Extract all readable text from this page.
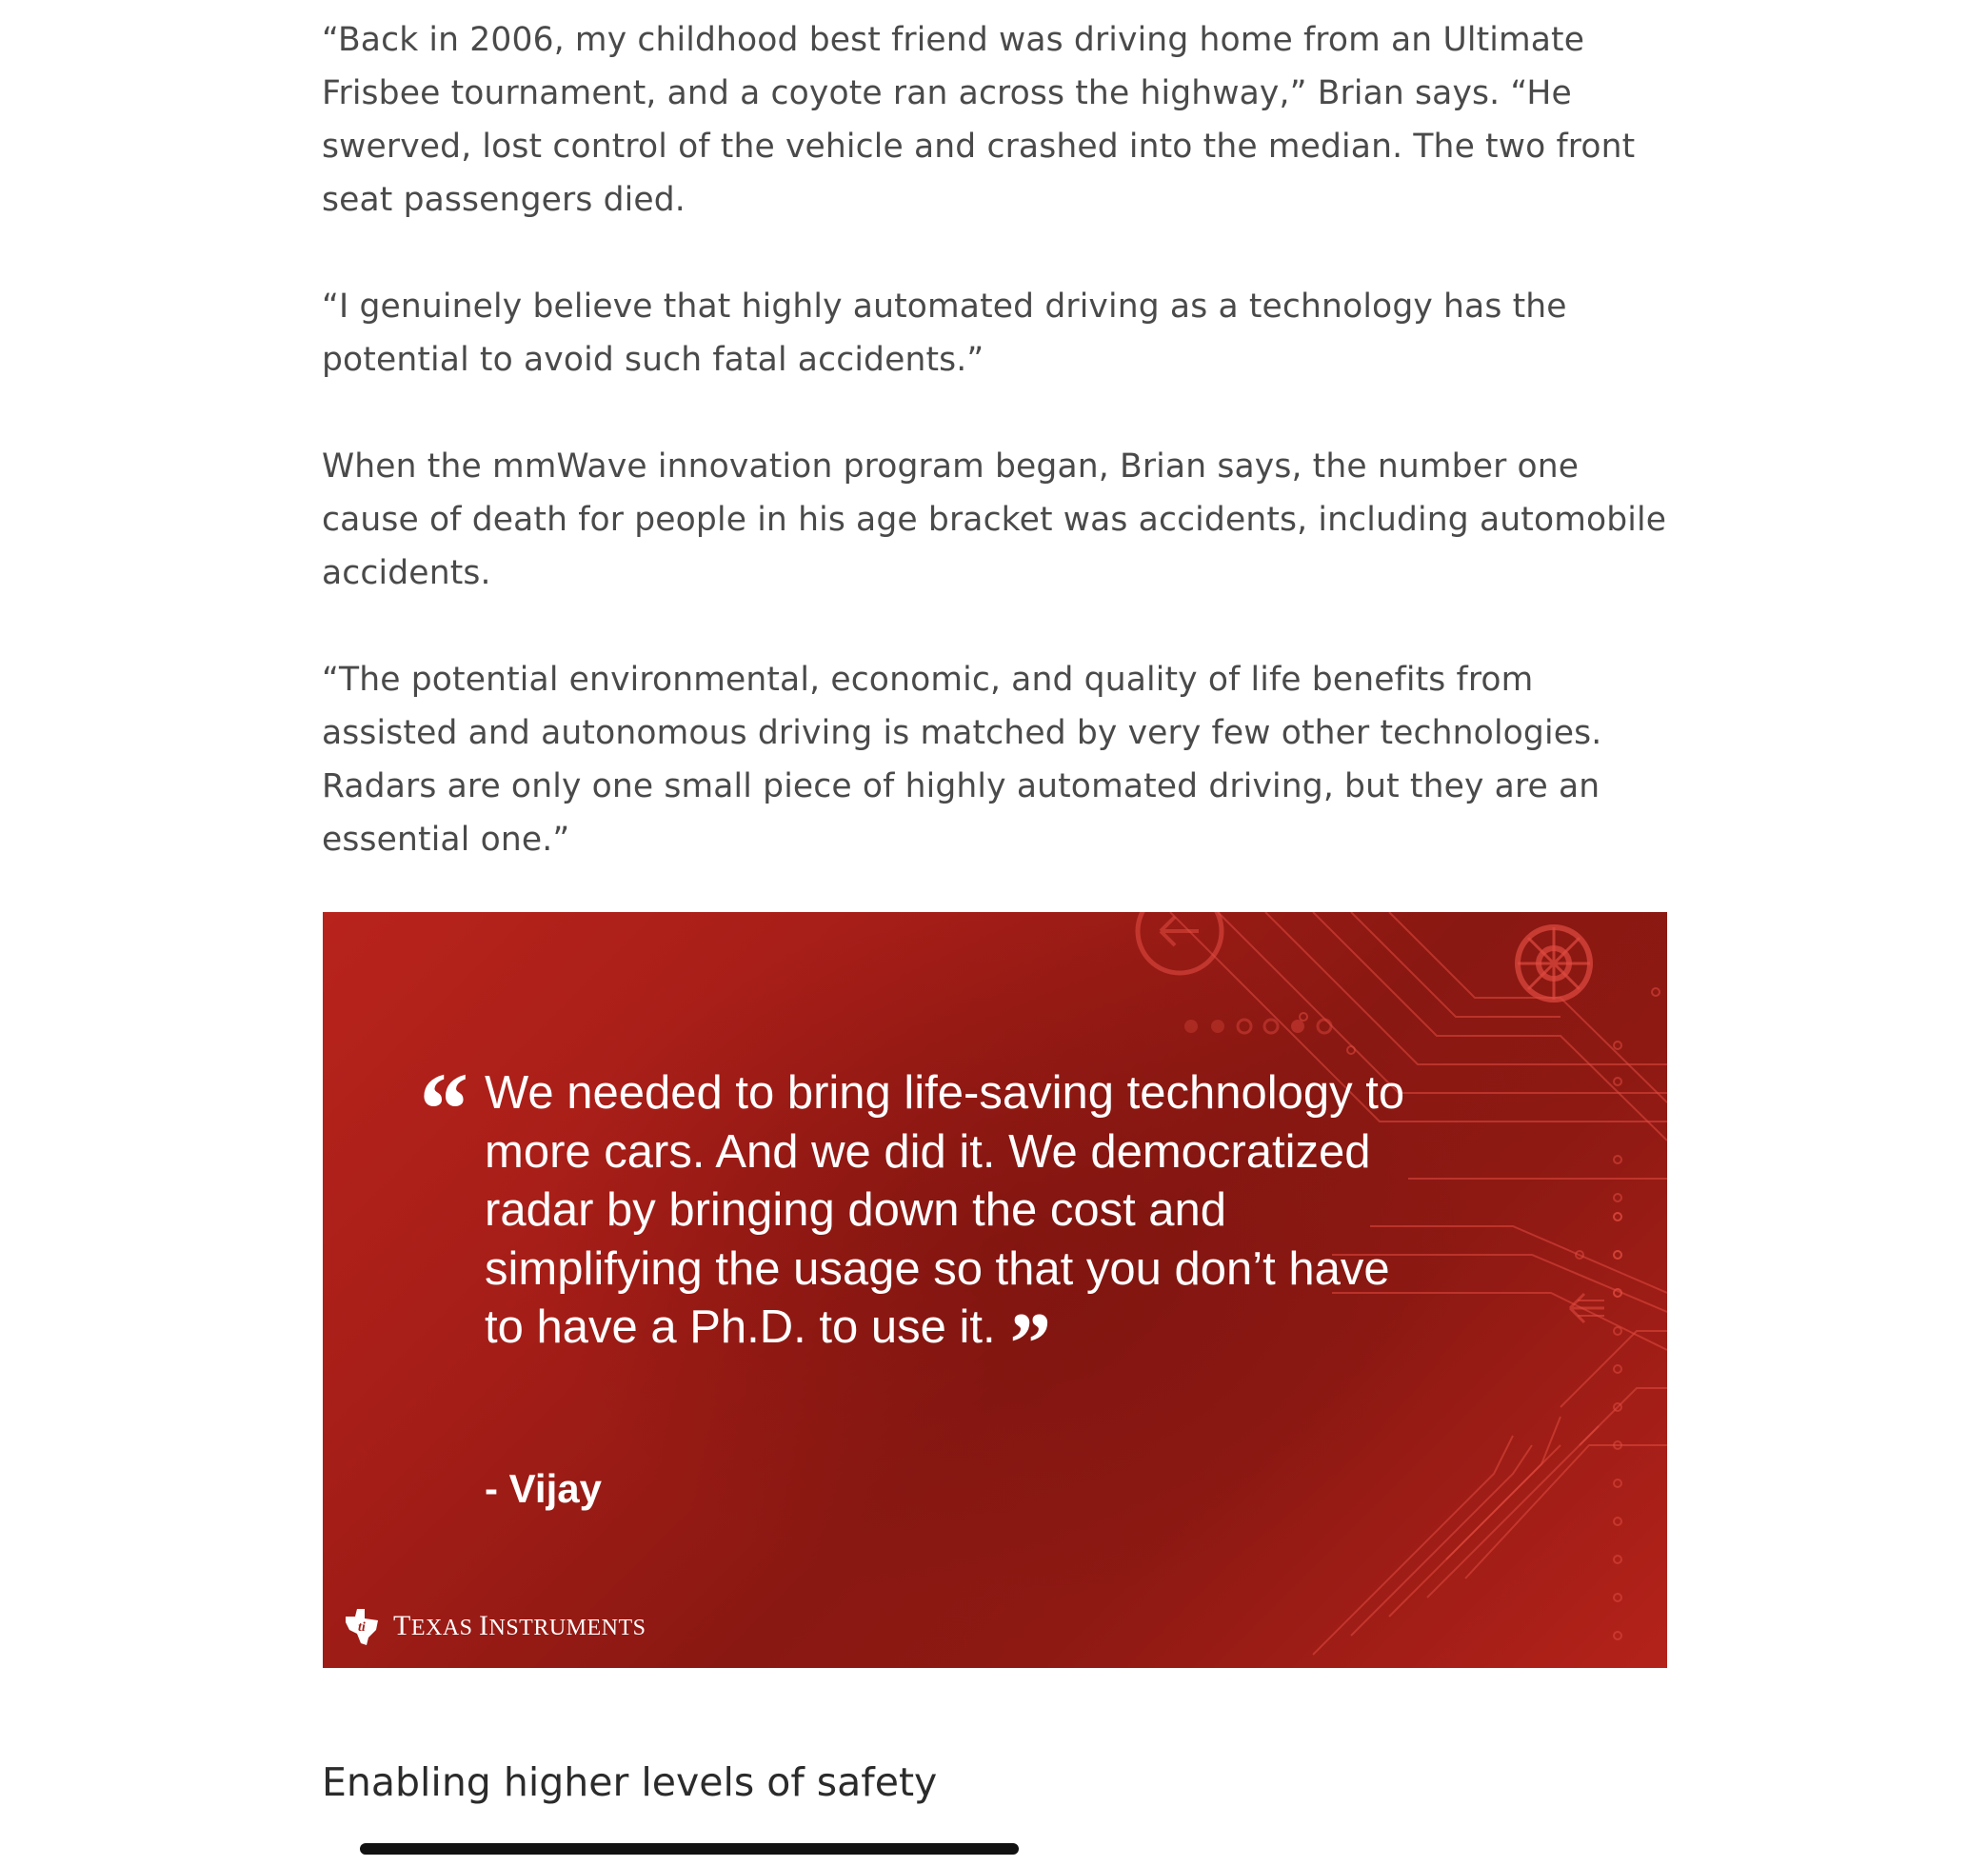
“Back in 2006, my childhood best friend was driving home from an Ultimate Frisbee tournament, and a coyote ran across the highway,” Brian says. “He swerved, lost control of the vehicle and crashed into the median. The two front seat passengers died.

“I genuinely believe that highly automated driving as a technology has the potential to avoid such fatal accidents.”

When the mmWave innovation program began, Brian says, the number one cause of death for people in his age bracket was accidents, including automobile accidents.

“The potential environmental, economic, and quality of life benefits from assisted and autonomous driving is matched by very few other technologies. Radars are only one small piece of highly automated driving, but they are an essential one.”

“ We needed to bring life-saving technology to more cars. And we did it. We democratized radar by bringing down the cost and simplifying the usage so that you don’t have to have a Ph.D. to use it. ”
- Vijay
ti TEXAS INSTRUMENTS
Enabling higher levels of safety
